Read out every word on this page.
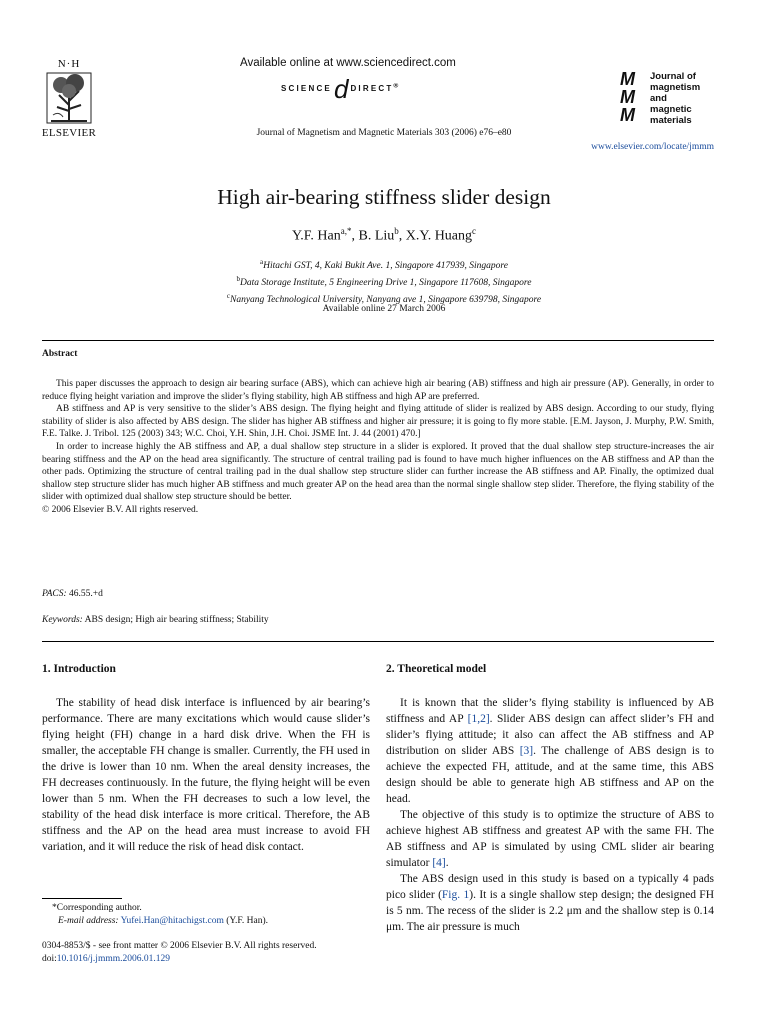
N·H
ELSEVIER
Available online at www.sciencedirect.com
SCIENCEd DIRECT®
Journal of Magnetism and Magnetic Materials 303 (2006) e76–e80
M
M
M
Journal of
magnetism
and
magnetic
materials
www.elsevier.com/locate/jmmm
High air-bearing stiffness slider design
Y.F. Han$^{a,*}$, B. Liu$^b$, X.Y. Huang$^c$
$^a$Hitachi GST, 4, Kaki Bukit Ave. 1, Singapore 417939, Singapore
$^b$Data Storage Institute, 5 Engineering Drive 1, Singapore 117608, Singapore
$^c$Nanyang Technological University, Nanyang ave 1, Singapore 639798, Singapore
Available online 27 March 2006
Abstract

This paper discusses the approach to design air bearing surface (ABS), which can achieve high air bearing (AB) stiffness and high air pressure (AP). Generally, in order to reduce flying height variation and improve the slider’s flying stability, high AB stiffness and high AP are preferred.

AB stiffness and AP is very sensitive to the slider’s ABS design. The flying height and flying attitude of slider is realized by ABS design. According to our study, flying stability of slider is also affected by ABS design. The slider has higher AB stiffness and higher air pressure; it is going to fly more stable. [E.M. Jayson, J. Murphy, P.W. Smith, F.E. Talke. J. Tribol. 125 (2003) 343; W.C. Choi, Y.H. Shin, J.H. Choi. JSME Int. J. 44 (2001) 470.]

In order to increase highly the AB stiffness and AP, a dual shallow step structure in a slider is explored. It proved that the dual shallow step structure-increases the air bearing stiffness and the AP on the head area significantly. The structure of central trailing pad is found to have much higher influences on the AB stiffness and AP than the other pads. Optimizing the structure of central trailing pad in the dual shallow step structure slider can further increase the AB stiffness and AP. Finally, the optimized dual shallow step structure slider has much higher AB stiffness and much greater AP on the head area than the normal single shallow step slider. Therefore, the flying stability of the slider with optimized dual shallow step structure should be better.

© 2006 Elsevier B.V. All rights reserved.

PACS: 46.55.+d
Keywords: ABS design; High air bearing stiffness; Stability
1. Introduction

The stability of head disk interface is influenced by air bearing’s performance. There are many excitations which would cause slider’s flying height (FH) change in a hard disk drive. When the FH is smaller, the acceptable FH change is smaller. Currently, the FH used in the drive is lower than 10 nm. When the areal density increases, the FH decreases continuously. In the future, the flying height will be even lower than 5 nm. When the FH decreases to such a low level, the stability of the head disk interface is more critical. Therefore, the AB stiffness and the AP on the head area must increase to avoid FH variation, and it will reduce the risk of head disk contact.

2. Theoretical model

It is known that the slider’s flying stability is influenced by AB stiffness and AP [1,2]. Slider ABS design can affect slider’s FH and slider’s flying attitude; it also can affect the AB stiffness and AP distribution on slider ABS [3]. The challenge of ABS design is to achieve the expected FH, attitude, and at the same time, this ABS design should be able to generate high AB stiffness and AP on the head.

The objective of this study is to optimize the structure of ABS to achieve highest AB stiffness and greatest AP with the same FH. The AB stiffness and AP is simulated by using CML slider air bearing simulator [4].

The ABS design used in this study is based on a typically 4 pads pico slider (Fig. 1). It is a single shallow step design; the designed FH is 5 nm. The recess of the slider is 2.2 μm and the shallow step is 0.14 μm. The air pressure is much

*Corresponding author.
E-mail address: Yufei.Han@hitachigst.com (Y.F. Han).
0304-8853/$ - see front matter © 2006 Elsevier B.V. All rights reserved.
doi:10.1016/j.jmmm.2006.01.129
